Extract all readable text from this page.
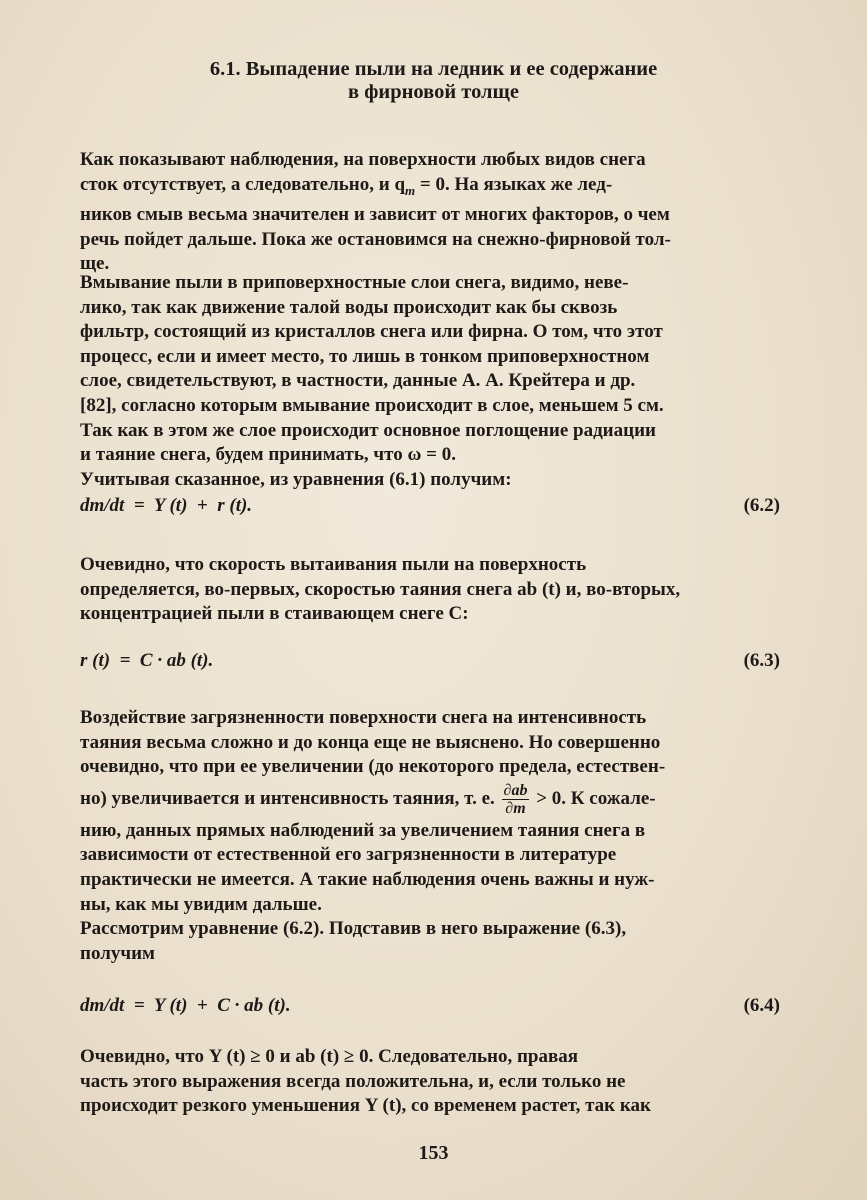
6.1. Выпадение пыли на ледник и ее содержание
в фирновой толще
Как показывают наблюдения, на поверхности любых видов снега
сток отсутствует, а следовательно, и $q_m = 0$. На языках же лед-
ников смыв весьма значителен и зависит от многих факторов, о чем
речь пойдет дальше. Пока же остановимся на снежно-фирновой тол-
ще.
Вмывание пыли в приповерхностные слои снега, видимо, неве-
лико, так как движение талой воды происходит как бы сквозь
фильтр, состоящий из кристаллов снега или фирна. О том, что этот
процесс, если и имеет место, то лишь в тонком приповерхностном
слое, свидетельствуют, в частности, данные А. А. Крейтера и др.
[82], согласно которым вмывание происходит в слое, меньшем 5 см.
Так как в этом же слое происходит основное поглощение радиации
и таяние снега, будем принимать, что ω = 0.
Учитывая сказанное, из уравнения (6.1) получим:
dm/dt  =  Y (t)  +  r (t).	(6.2)
Очевидно, что скорость вытаивания пыли на поверхность
определяется, во-первых, скоростью таяния снега ab (t) и, во-вторых,
концентрацией пыли в стаивающем снеге C:
r (t)  =  C · ab (t).	(6.3)
Воздействие загрязненности поверхности снега на интенсивность
таяния весьма сложно и до конца еще не выяснено. Но совершенно
очевидно, что при ее увеличении (до некоторого предела, естествен-
но) увеличивается и интенсивность таяния, т. е. $\frac{\partial ab}{\partial m} > 0$. К сожале-
нию, данных прямых наблюдений за увеличением таяния снега в
зависимости от естественной его загрязненности в литературе
практически не имеется. А такие наблюдения очень важны и нуж-
ны, как мы увидим дальше.
Рассмотрим уравнение (6.2). Подставив в него выражение (6.3),
получим
dm/dt  =  Y (t)  +  C · ab (t).	(6.4)
Очевидно, что Y (t) ≥ 0 и ab (t) ≥ 0. Следовательно, правая
часть этого выражения всегда положительна, и, если только не
происходит резкого уменьшения Y (t), со временем растет, так как
153
